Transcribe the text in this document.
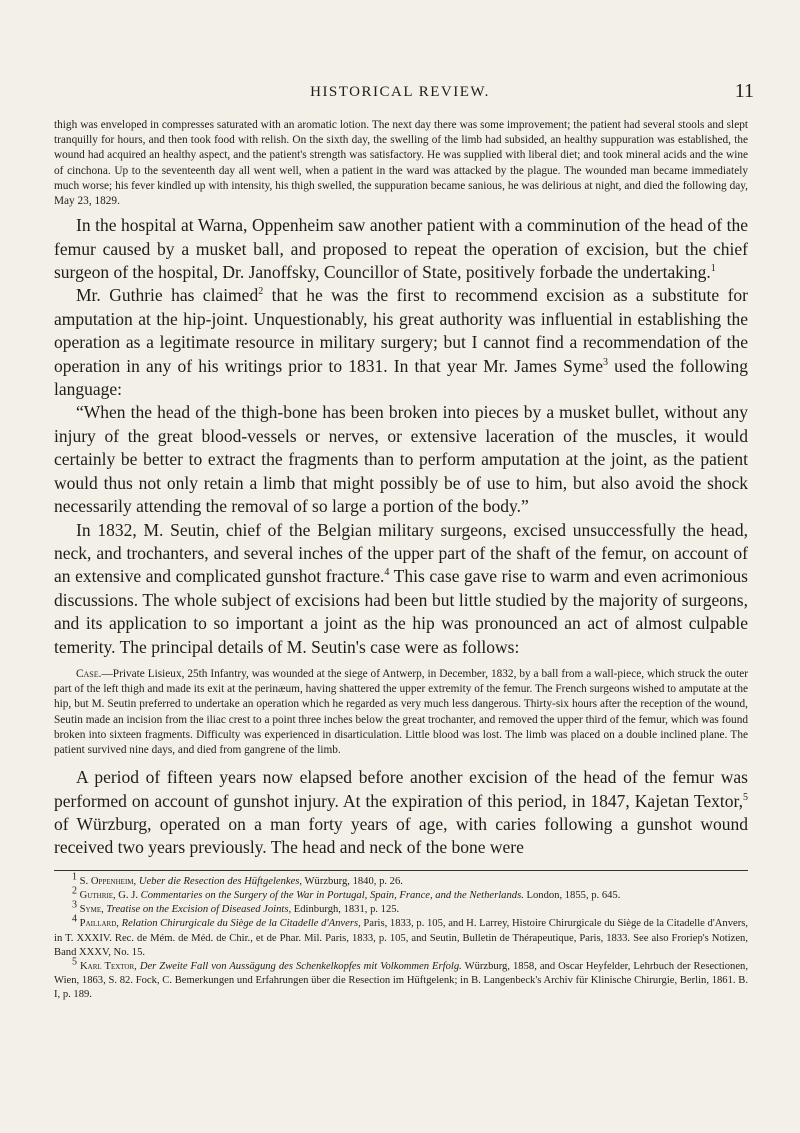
HISTORICAL REVIEW.	11

thigh was enveloped in compresses saturated with an aromatic lotion. The next day there was some improvement; the patient had several stools and slept tranquilly for hours, and then took food with relish. On the sixth day, the swelling of the limb had subsided, an healthy suppuration was established, the wound had acquired an healthy aspect, and the patient's strength was satisfactory. He was supplied with liberal diet; and took mineral acids and the wine of cinchona. Up to the seventeenth day all went well, when a patient in the ward was attacked by the plague. The wounded man became immediately much worse; his fever kindled up with intensity, his thigh swelled, the suppuration became sanious, he was delirious at night, and died the following day, May 23, 1829.

In the hospital at Warna, Oppenheim saw another patient with a comminution of the head of the femur caused by a musket ball, and proposed to repeat the operation of excision, but the chief surgeon of the hospital, Dr. Janoffsky, Councillor of State, positively forbade the undertaking.$^1$

Mr. Guthrie has claimed$^2$ that he was the first to recommend excision as a substitute for amputation at the hip-joint. Unquestionably, his great authority was influential in establishing the operation as a legitimate resource in military surgery; but I cannot find a recommendation of the operation in any of his writings prior to 1831. In that year Mr. James Syme$^3$ used the following language:

“When the head of the thigh-bone has been broken into pieces by a musket bullet, without any injury of the great blood-vessels or nerves, or extensive laceration of the muscles, it would certainly be better to extract the fragments than to perform amputation at the joint, as the patient would thus not only retain a limb that might possibly be of use to him, but also avoid the shock necessarily attending the removal of so large a portion of the body.”

In 1832, M. Seutin, chief of the Belgian military surgeons, excised unsuccessfully the head, neck, and trochanters, and several inches of the upper part of the shaft of the femur, on account of an extensive and complicated gunshot fracture.$^4$ This case gave rise to warm and even acrimonious discussions. The whole subject of excisions had been but little studied by the majority of surgeons, and its application to so important a joint as the hip was pronounced an act of almost culpable temerity. The principal details of M. Seutin's case were as follows:

Case.—Private Lisieux, 25th Infantry, was wounded at the siege of Antwerp, in December, 1832, by a ball from a wall-piece, which struck the outer part of the left thigh and made its exit at the perinæum, having shattered the upper extremity of the femur. The French surgeons wished to amputate at the hip, but M. Seutin preferred to undertake an operation which he regarded as very much less dangerous. Thirty-six hours after the reception of the wound, Seutin made an incision from the iliac crest to a point three inches below the great trochanter, and removed the upper third of the femur, which was found broken into sixteen fragments. Difficulty was experienced in disarticulation. Little blood was lost. The limb was placed on a double inclined plane. The patient survived nine days, and died from gangrene of the limb.

A period of fifteen years now elapsed before another excision of the head of the femur was performed on account of gunshot injury. At the expiration of this period, in 1847, Kajetan Textor,$^5$ of Würzburg, operated on a man forty years of age, with caries following a gunshot wound received two years previously. The head and neck of the bone were

$^1$ S. Oppenheim, Ueber die Resection des Hüftgelenkes, Würzburg, 1840, p. 26.

$^2$ Guthrie, G. J. Commentaries on the Surgery of the War in Portugal, Spain, France, and the Netherlands. London, 1855, p. 645.

$^3$ Syme, Treatise on the Excision of Diseased Joints, Edinburgh, 1831, p. 125.

$^4$ Paillard, Relation Chirurgicale du Siège de la Citadelle d'Anvers, Paris, 1833, p. 105, and H. Larrey, Histoire Chirurgicale du Siège de la Citadelle d'Anvers, in T. XXXIV. Rec. de Mém. de Méd. de Chir., et de Phar. Mil. Paris, 1833, p. 105, and Seutin, Bulletin de Thérapeutique, Paris, 1833. See also Froriep's Notizen, Band XXXV, No. 15.

$^5$ Karl Textor, Der Zweite Fall von Aussägung des Schenkelkopfes mit Volkommen Erfolg. Würzburg, 1858, and Oscar Heyfelder, Lehrbuch der Resectionen, Wien, 1863, S. 82. Fock, C. Bemerkungen und Erfahrungen über die Resection im Hüftgelenk; in B. Langenbeck's Archiv für Klinische Chirurgie, Berlin, 1861. B. I, p. 189.
